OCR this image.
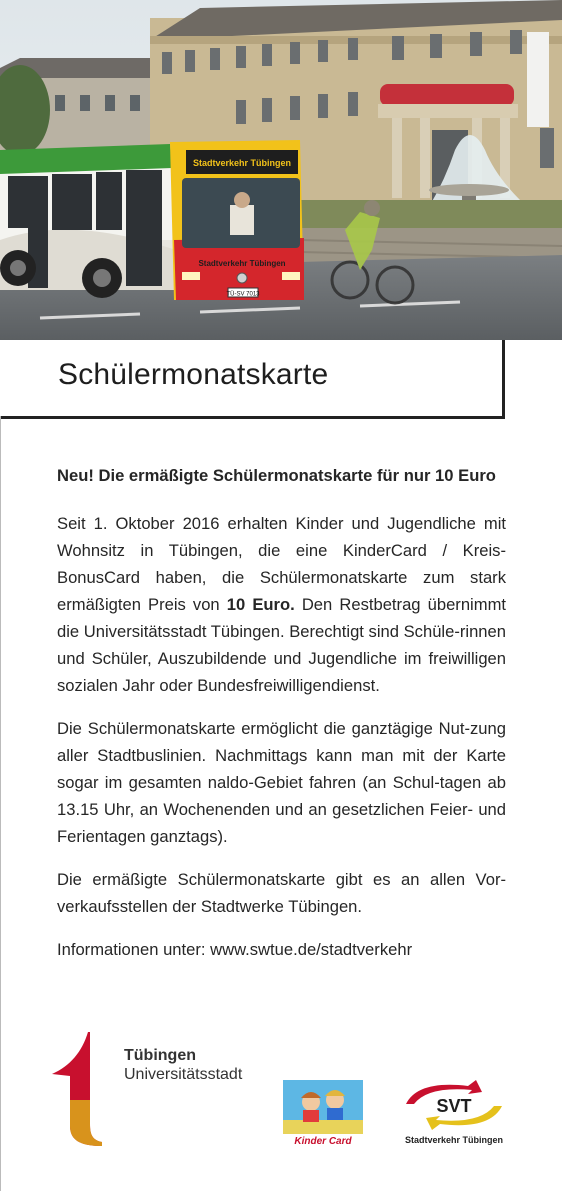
Stadtverkehr Tübingen
Stadtverkehr Tübingen
TÜ-SV 7013
Schülermonatskarte

Neu! Die ermäßigte Schülermonatskarte für nur 10 Euro

Seit 1. Oktober 2016 erhalten Kinder und Jugendliche mit Wohnsitz in Tübingen, die eine KinderCard / Kreis-BonusCard haben, die Schülermonatskarte zum stark ermäßigten Preis von 10 Euro. Den Restbetrag übernimmt die Universitätsstadt Tübingen. Berechtigt sind Schüle-rinnen und Schüler, Auszubildende und Jugendliche im freiwilligen sozialen Jahr oder Bundesfreiwilligendienst.

Die Schülermonatskarte ermöglicht die ganztägige Nut-zung aller Stadtbuslinien. Nachmittags kann man mit der Karte sogar im gesamten naldo-Gebiet fahren (an Schul-tagen ab 13.15 Uhr, an Wochenenden und an gesetzlichen Feier- und Ferientagen ganztags).

Die ermäßigte Schülermonatskarte gibt es an allen Vor-verkaufsstellen der Stadtwerke Tübingen.

Informationen unter: www.swtue.de/stadtverkehr

Tübingen
Universitätsstadt
Kinder Card
SVT
Stadtverkehr Tübingen
